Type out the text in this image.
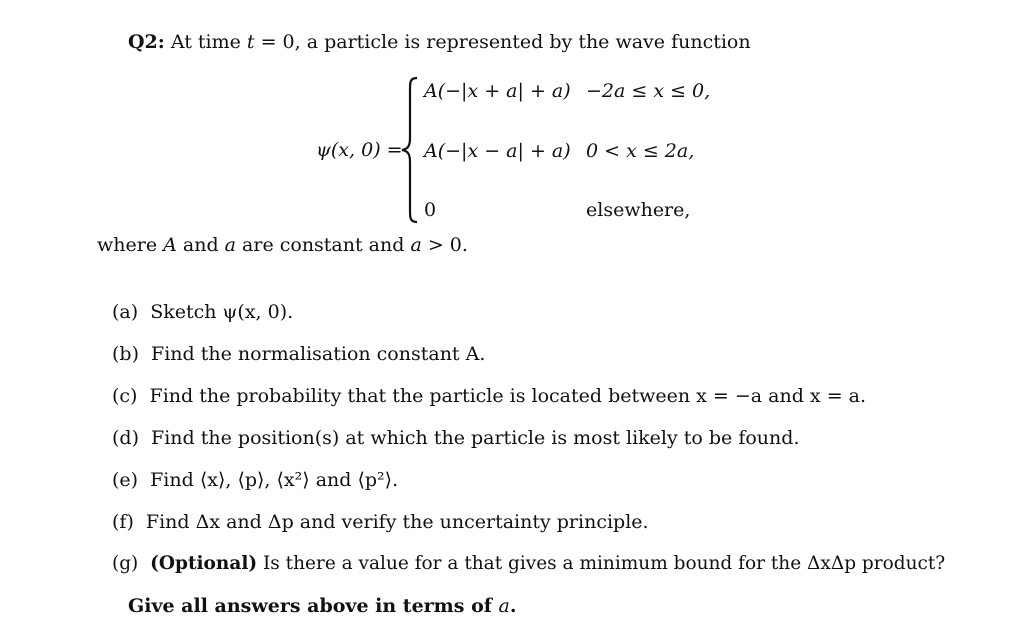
Q2: At time t = 0, a particle is represented by the wave function
ψ(x, 0) =
A(−|x + a| + a) −2a ≤ x ≤ 0,
A(−|x − a| + a) 0 < x ≤ 2a,
0	elsewhere,
where A and a are constant and a > 0.
(a) Sketch ψ(x, 0).
(b) Find the normalisation constant A.
(c) Find the probability that the particle is located between x = −a and x = a.
(d) Find the position(s) at which the particle is most likely to be found.
(e) Find ⟨x⟩, ⟨p⟩, ⟨x²⟩ and ⟨p²⟩.
(f) Find Δx and Δp and verify the uncertainty principle.
(g) (Optional) Is there a value for a that gives a minimum bound for the ΔxΔp product?
Give all answers above in terms of a.
